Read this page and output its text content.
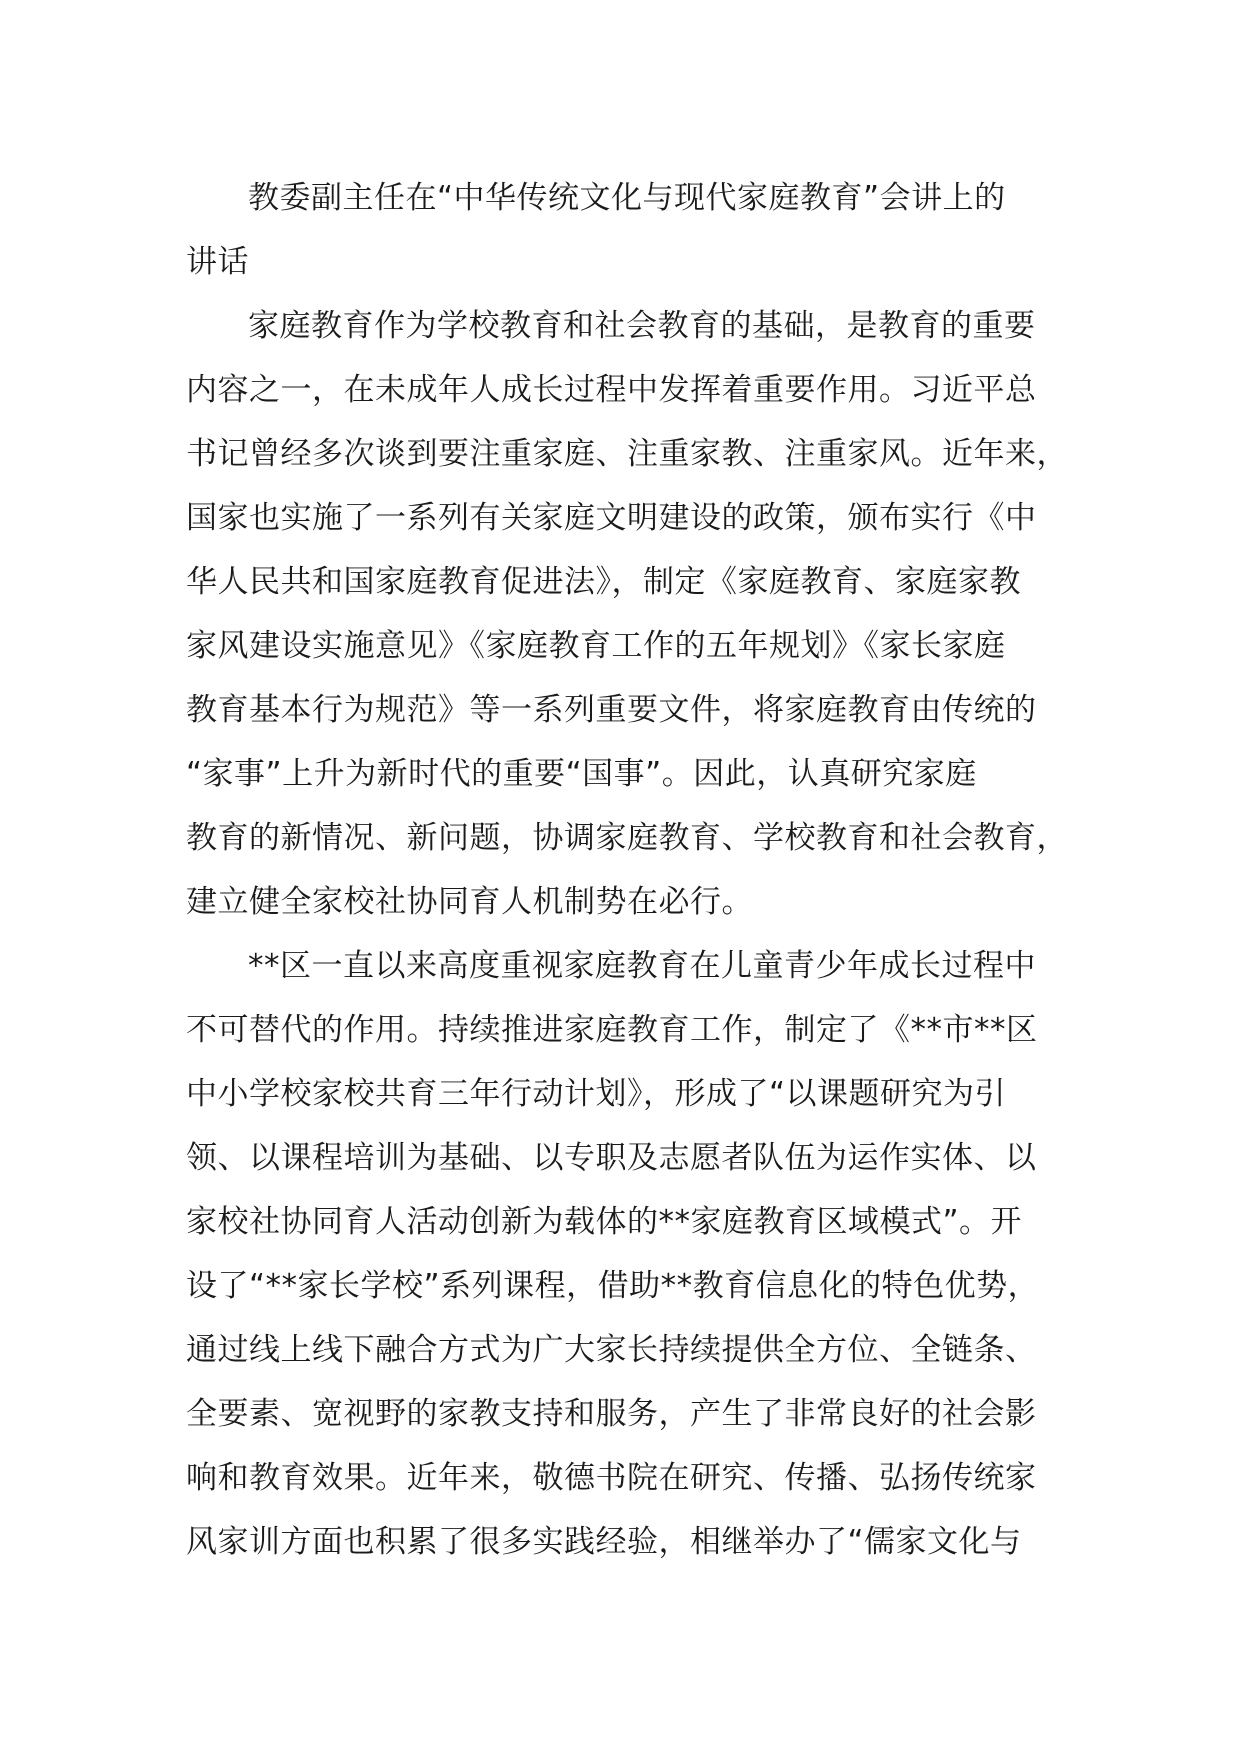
教委副主任在“中华传统文化与现代家庭教育”会讲上的
讲话
家庭教育作为学校教育和社会教育的基础，是教育的重要
内容之一，在未成年人成长过程中发挥着重要作用。习近平总
书记曾经多次谈到要注重家庭、注重家教、注重家风。近年来，
国家也实施了一系列有关家庭文明建设的政策，颁布实行《中
华人民共和国家庭教育促进法》，制定《家庭教育、家庭家教
家风建设实施意见》《家庭教育工作的五年规划》《家长家庭
教育基本行为规范》等一系列重要文件，将家庭教育由传统的
“家事”上升为新时代的重要“国事”。因此，认真研究家庭
教育的新情况、新问题，协调家庭教育、学校教育和社会教育，
建立健全家校社协同育人机制势在必行。
**区一直以来高度重视家庭教育在儿童青少年成长过程中
不可替代的作用。持续推进家庭教育工作，制定了《**市**区
中小学校家校共育三年行动计划》，形成了“以课题研究为引
领、以课程培训为基础、以专职及志愿者队伍为运作实体、以
家校社协同育人活动创新为载体的**家庭教育区域模式”。开
设了“**家长学校”系列课程，借助**教育信息化的特色优势，
通过线上线下融合方式为广大家长持续提供全方位、全链条、
全要素、宽视野的家教支持和服务，产生了非常良好的社会影
响和教育效果。近年来，敬德书院在研究、传播、弘扬传统家
风家训方面也积累了很多实践经验，相继举办了“儒家文化与
